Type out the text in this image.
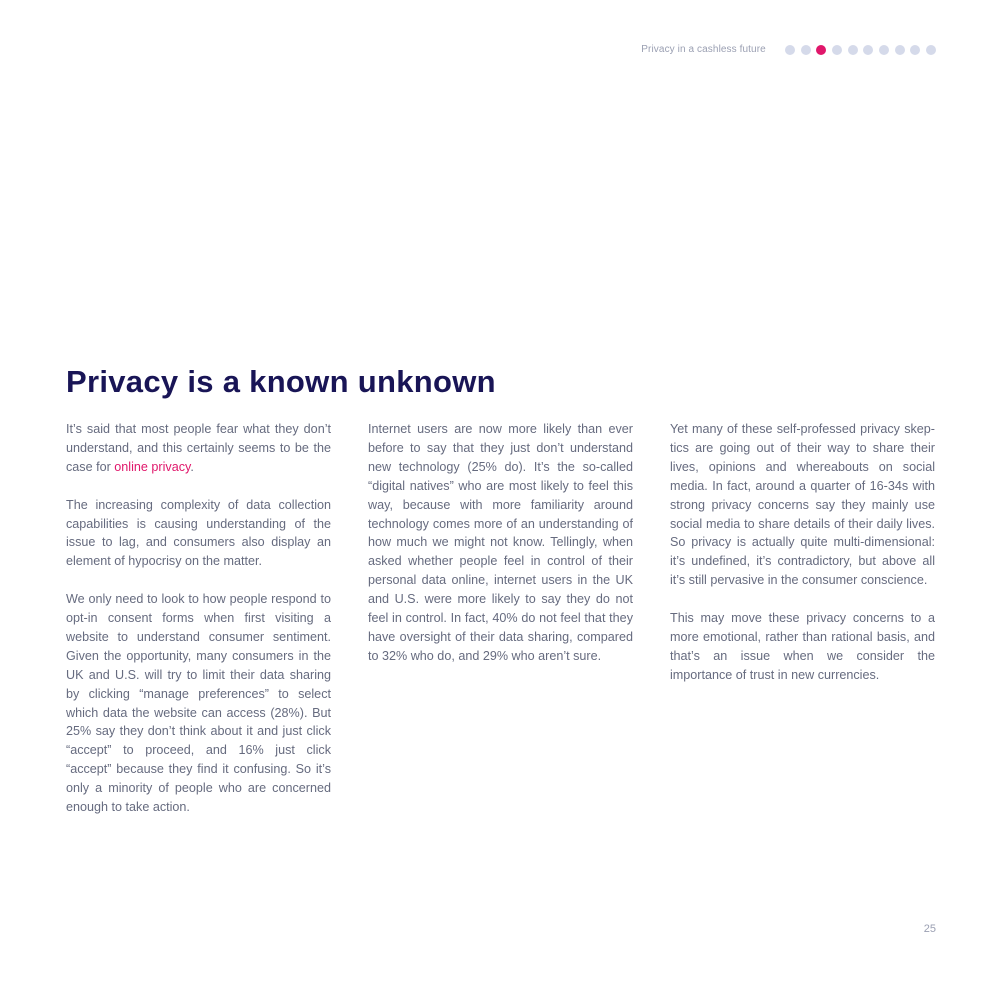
Privacy in a cashless future
Privacy is a known unknown

It’s said that most people fear what they don’t understand, and this certainly seems to be the case for online privacy.

The increasing complexity of data collection capabilities is causing understanding of the issue to lag, and consumers also display an element of hypocrisy on the matter.

We only need to look to how people respond to opt-in consent forms when first visiting a website to understand consumer sentiment. Given the opportunity, many consumers in the UK and U.S. will try to limit their data sharing by clicking “manage preferences” to select which data the website can access (28%). But 25% say they don’t think about it and just click “accept” to proceed, and 16% just click “accept” because they find it confusing. So it’s only a minority of people who are concerned enough to take action.

Internet users are now more likely than ever before to say that they just don’t understand new technology (25% do). It’s the so-called “digital natives” who are most likely to feel this way, because with more familiarity around technology comes more of an understanding of how much we might not know. Tellingly, when asked whether people feel in control of their personal data online, internet users in the UK and U.S. were more likely to say they do not feel in control. In fact, 40% do not feel that they have oversight of their data sharing, compared to 32% who do, and 29% who aren’t sure.

Yet many of these self-professed privacy skep-tics are going out of their way to share their lives, opinions and whereabouts on social media. In fact, around a quarter of 16-34s with strong privacy concerns say they mainly use social media to share details of their daily lives. So privacy is actually quite multi-dimensional: it’s undefined, it’s contradictory, but above all it’s still pervasive in the consumer conscience.

This may move these privacy concerns to a more emotional, rather than rational basis, and that’s an issue when we consider the importance of trust in new currencies.

25
